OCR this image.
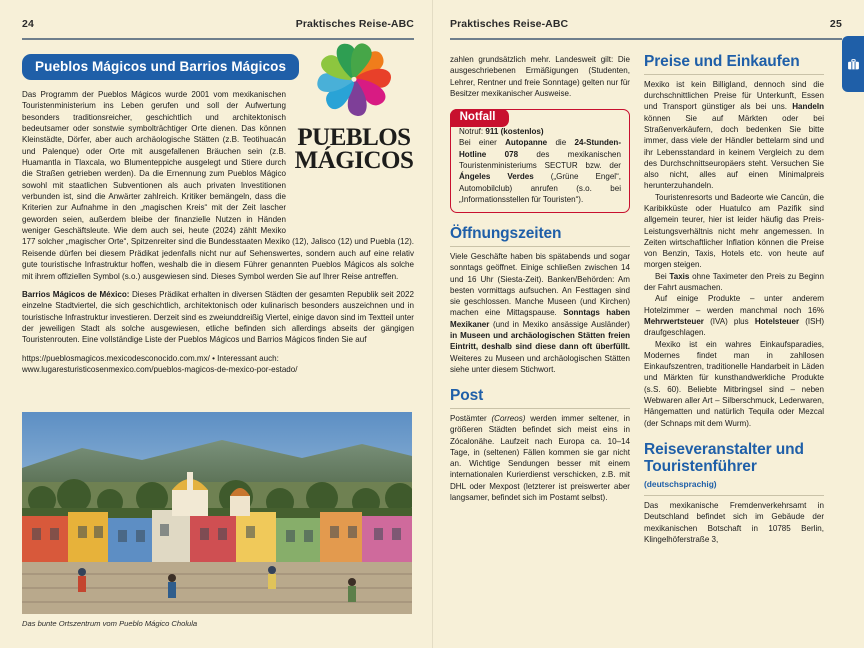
24	Praktisches Reise-ABC
PUEBLOS
MÁGICOS
Pueblos Mágicos und Barrios Mágicos

Das Programm der Pueblos Mágicos wurde 2001 vom mexikanischen Touristenministerium ins Leben gerufen und soll der Aufwertung besonders traditionsreicher, geschichtlich und architektonisch bedeutsamer oder sonstwie symbolträchtiger Orte dienen. Das können Kleinstädte, Dörfer, aber auch archäologische Stätten (z.B. Teotihuacán und Palenque) oder Orte mit ausgefallenen Bräuchen sein (z.B. Huamantla in Tlaxcala, wo Blumenteppiche ausgelegt und Stiere durch die Straßen getrieben werden). Da die Ernennung zum Pueblos Mágico sowohl mit staatlichen Subventionen als auch privaten Investitionen verbunden ist, sind die Anwärter zahlreich. Kritiker bemängeln, dass die Kriterien zur Aufnahme in den „magischen Kreis“ mit der Zeit lascher geworden seien, außerdem bleibe der finanzielle Nutzen in Händen weniger Geschäftsleute. Wie dem auch sei, heute (2024) zählt Mexiko 177 solcher „magischer Orte“, Spitzenreiter sind die Bundesstaaten Mexiko (12), Jalisco (12) und Puebla (12). Reisende dürfen bei diesem Prädikat jedenfalls nicht nur auf Sehenswertes, sondern auch auf eine relativ gute touristische Infrastruktur hoffen, weshalb die in diesem Führer genannten Pueblos Mágicos als solche mit ihrem offiziellen Symbol (s.o.) ausgewiesen sind. Dieses Symbol werden Sie auf Ihrer Reise antreffen.

Barrios Mágicos de México: Dieses Prädikat erhalten in diversen Städten der gesamten Republik seit 2022 einzelne Stadtviertel, die sich geschichtlich, architektonisch oder kulinarisch besonders auszeichnen und in touristische Infrastruktur investieren. Derzeit sind es zweiunddreißig Viertel, einige davon sind im Textteil unter der jeweiligen Stadt als solche ausgewiesen, etliche befinden sich allerdings abseits der gängigen Touristenrouten. Eine vollständige Liste der Pueblos Mágicos und Barrios Mágicos finden Sie auf

https://pueblosmagicos.mexicodesconocido.com.mx/ • Interessant auch:
www.lugaresturisticosenmexico.com/pueblos-magicos-de-mexico-por-estado/
Das bunte Ortszentrum vom Pueblo Mágico Cholula
Praktisches Reise-ABC	25

zahlen grundsätzlich mehr. Landesweit gilt: Die ausgeschriebenen Ermäßigungen (Studenten, Lehrer, Rentner und freie Sonntage) gelten nur für Besitzer mexikanischer Ausweise.

Notfall
Notruf: 911 (kostenlos)
Bei einer Autopanne die 24-Stunden-Hotline 078 des mexikanischen Touristenministeriums SECTUR bzw. der Ángeles Verdes („Grüne Engel“, Automobilclub) anrufen (s.o. bei „Informationsstellen für Touristen“).
Öffnungszeiten

Viele Geschäfte haben bis spätabends und sogar sonntags geöffnet. Einige schließen zwischen 14 und 16 Uhr (Siesta-Zeit). Banken/Behörden: Am besten vormittags aufsuchen. An Festtagen sind sie geschlossen. Manche Museen (und Kirchen) machen eine Mittagspause. Sonntags haben Mexikaner (und in Mexiko ansässige Ausländer) in Museen und archäologischen Stätten freien Eintritt, deshalb sind diese dann oft überfüllt. Weiteres zu Museen und archäologischen Stätten siehe unter diesem Stichwort.

Post

Postämter (Correos) werden immer seltener, in größeren Städten befindet sich meist eins in Zócalonähe. Laufzeit nach Europa ca. 10–14 Tage, in (seltenen) Fällen kommen sie gar nicht an. Wichtige Sendungen besser mit einem internationalen Kurierdienst verschicken, z.B. mit DHL oder Mexpost (letzterer ist preiswerter aber langsamer, befindet sich im Postamt selbst).

Preise und Einkaufen

Mexiko ist kein Billigland, dennoch sind die durchschnittlichen Preise für Unterkunft, Essen und Transport günstiger als bei uns. Handeln können Sie auf Märkten oder bei Straßenverkäufern, doch bedenken Sie bitte immer, dass viele der Händler bettelarm sind und ihr Lebensstandard in keinem Vergleich zu dem des Durchschnittseuropäers steht. Versuchen Sie also nicht, alles auf einen Minimalpreis herunterzuhandeln.

Touristenresorts und Badeorte wie Cancún, die Karibikküste oder Huatulco am Pazifik sind allgemein teurer, hier ist leider häufig das Preis-Leistungsverhältnis nicht mehr angemessen. In Zeiten wirtschaftlicher Inflation können die Preise von Benzin, Taxis, Hotels etc. von heute auf morgen steigen.

Bei Taxis ohne Taximeter den Preis zu Beginn der Fahrt ausmachen.

Auf einige Produkte – unter anderem Hotelzimmer – werden manchmal noch 16% Mehrwertsteuer (IVA) plus Hotelsteuer (ISH) draufgeschlagen.

Mexiko ist ein wahres Einkaufsparadies, Modernes findet man in zahllosen Einkaufszentren, traditionelle Handarbeit in Läden und Märkten für kunsthandwerkliche Produkte (s.S. 60). Beliebte Mitbringsel sind – neben Webwaren aller Art – Silberschmuck, Lederwaren, Hängematten und natürlich Tequila oder Mezcal (der Schnaps mit dem Wurm).

Reiseveranstalter und
Touristenführer (deutschsprachig)

Das mexikanische Fremdenverkehrsamt in Deutschland befindet sich im Gebäude der mexikanischen Botschaft in 10785 Berlin, Klingelhöferstraße 3,
